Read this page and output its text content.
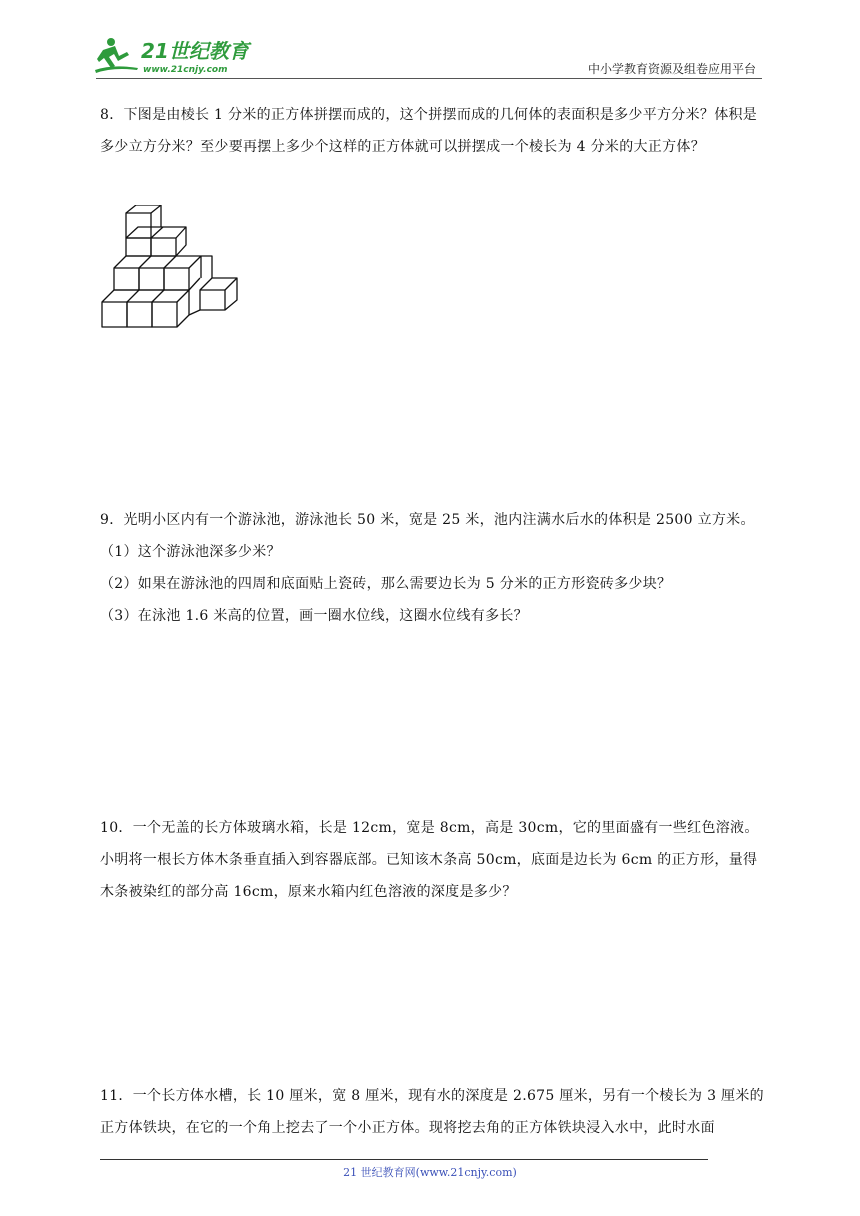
21世纪教育
www.21cnjy.com	中小学教育资源及组卷应用平台

8．下图是由棱长 1 分米的正方体拼摆而成的，这个拼摆而成的几何体的表面积是多少平方分米？体积是多少立方分米？至少要再摆上多少个这样的正方体就可以拼摆成一个棱长为 4 分米的大正方体？

9．光明小区内有一个游泳池，游泳池长 50 米，宽是 25 米，池内注满水后水的体积是 2500 立方米。

（1）这个游泳池深多少米？

（2）如果在游泳池的四周和底面贴上瓷砖，那么需要边长为 5 分米的正方形瓷砖多少块？

（3）在泳池 1.6 米高的位置，画一圈水位线，这圈水位线有多长？

10．一个无盖的长方体玻璃水箱，长是 12cm，宽是 8cm，高是 30cm，它的里面盛有一些红色溶液。小明将一根长方体木条垂直插入到容器底部。已知该木条高 50cm，底面是边长为 6cm 的正方形，量得木条被染红的部分高 16cm，原来水箱内红色溶液的深度是多少？

11．一个长方体水槽，长 10 厘米，宽 8 厘米，现有水的深度是 2.675 厘米，另有一个棱长为 3 厘米的正方体铁块，在它的一个角上挖去了一个小正方体。现将挖去角的正方体铁块浸入水中，此时水面

21 世纪教育网(www.21cnjy.com)
